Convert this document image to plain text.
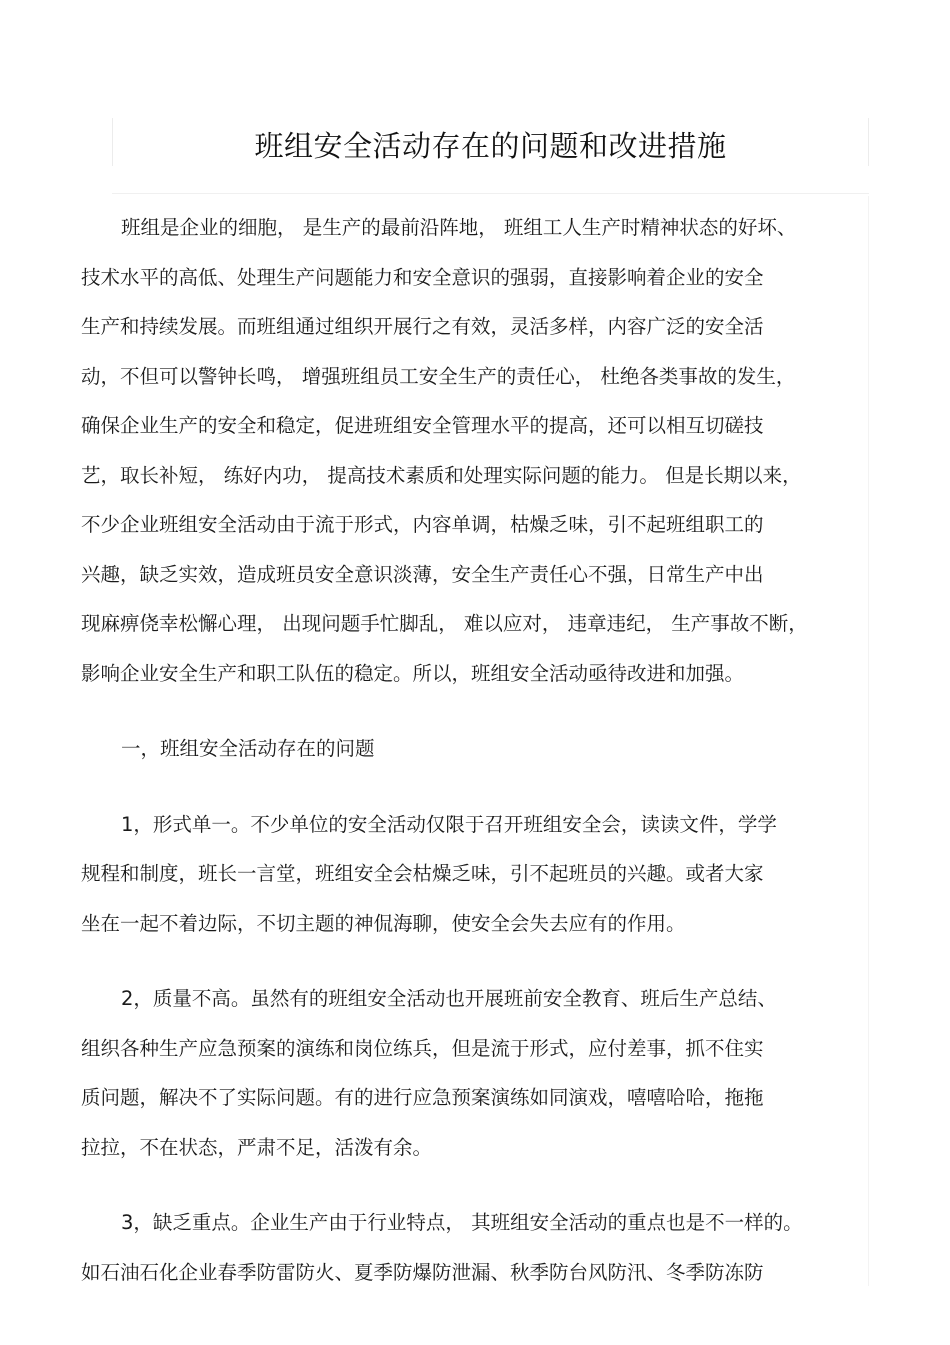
班组安全活动存在的问题和改进措施

班组是企业的细胞， 是生产的最前沿阵地， 班组工人生产时精神状态的好坏、
技术水平的高低、处理生产问题能力和安全意识的强弱，直接影响着企业的安全
生产和持续发展。而班组通过组织开展行之有效，灵活多样，内容广泛的安全活
动，不但可以警钟长鸣， 增强班组员工安全生产的责任心， 杜绝各类事故的发生，
确保企业生产的安全和稳定，促进班组安全管理水平的提高，还可以相互切磋技
艺，取长补短， 练好内功， 提高技术素质和处理实际问题的能力。 但是长期以来，
不少企业班组安全活动由于流于形式，内容单调，枯燥乏味，引不起班组职工的
兴趣，缺乏实效，造成班员安全意识淡薄，安全生产责任心不强，日常生产中出
现麻痹侥幸松懈心理， 出现问题手忙脚乱， 难以应对， 违章违纪， 生产事故不断，
影响企业安全生产和职工队伍的稳定。所以，班组安全活动亟待改进和加强。

一，班组安全活动存在的问题

1，形式单一。不少单位的安全活动仅限于召开班组安全会，读读文件，学学
规程和制度，班长一言堂，班组安全会枯燥乏味，引不起班员的兴趣。或者大家
坐在一起不着边际，不切主题的神侃海聊，使安全会失去应有的作用。

2，质量不高。虽然有的班组安全活动也开展班前安全教育、班后生产总结、
组织各种生产应急预案的演练和岗位练兵，但是流于形式，应付差事，抓不住实
质问题，解决不了实际问题。有的进行应急预案演练如同演戏，嘻嘻哈哈，拖拖
拉拉，不在状态，严肃不足，活泼有余。

3，缺乏重点。企业生产由于行业特点， 其班组安全活动的重点也是不一样的。
如石油石化企业春季防雷防火、夏季防爆防泄漏、秋季防台风防汛、冬季防冻防
